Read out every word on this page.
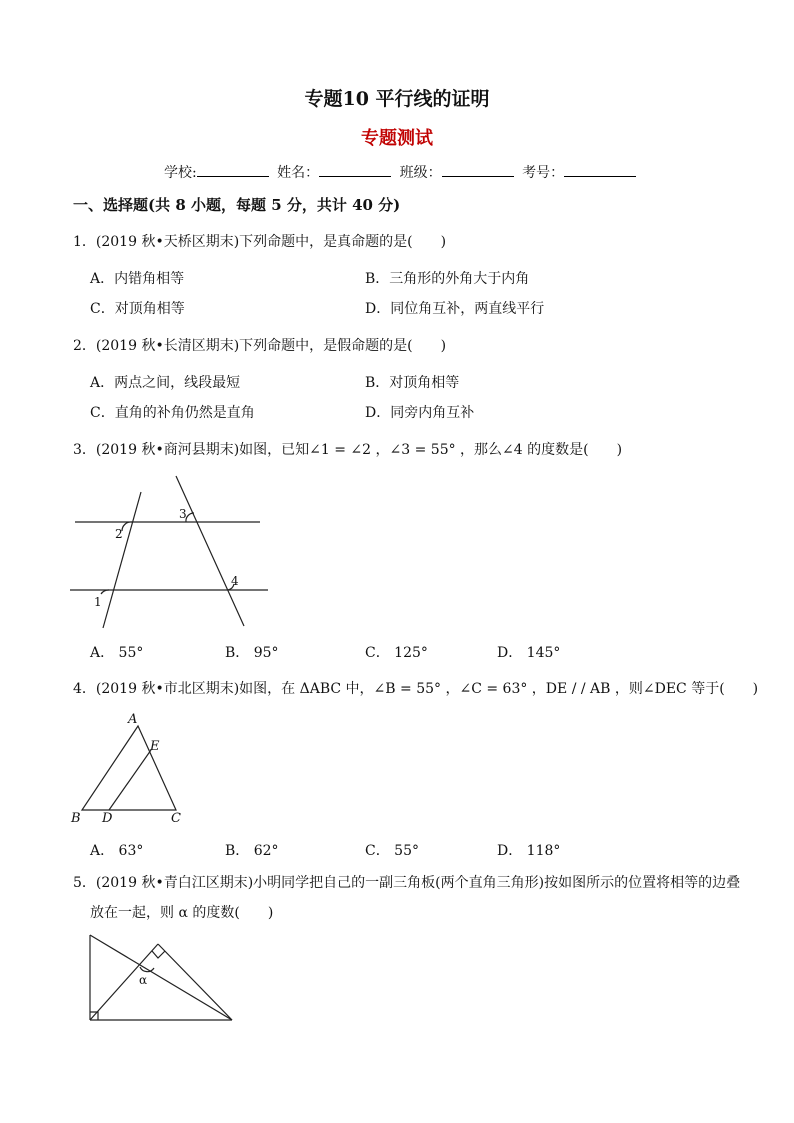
专题10 平行线的证明
专题测试
学校:	姓名：	班级：	考号：
一、选择题(共 8 小题，每题 5 分，共计 40 分)
1．(2019 秋•天桥区期末)下列命题中，是真命题的是(　　)
A．内错角相等	B．三角形的外角大于内角
C．对顶角相等	D．同位角互补，两直线平行
2．(2019 秋•长清区期末)下列命题中，是假命题的是(　　)
A．两点之间，线段最短	B．对顶角相等
C．直角的补角仍然是直角	D．同旁内角互补
3．(2019 秋•商河县期末)如图，已知∠1 = ∠2 ，∠3 = 55° ，那么∠4 的度数是(　　)
2
1
3
4
A． 55°	B． 95°	C． 125°	D． 145°
4．(2019 秋•市北区期末)如图，在 ΔABC 中，∠B = 55° ，∠C = 63° ，DE / / AB ，则∠DEC 等于(　　)
A
B	C
D
E
A． 63°	B． 62°	C． 55°	D． 118°
5．(2019 秋•青白江区期末)小明同学把自己的一副三角板(两个直角三角形)按如图所示的位置将相等的边叠
放在一起，则 α 的度数(　　)
α
